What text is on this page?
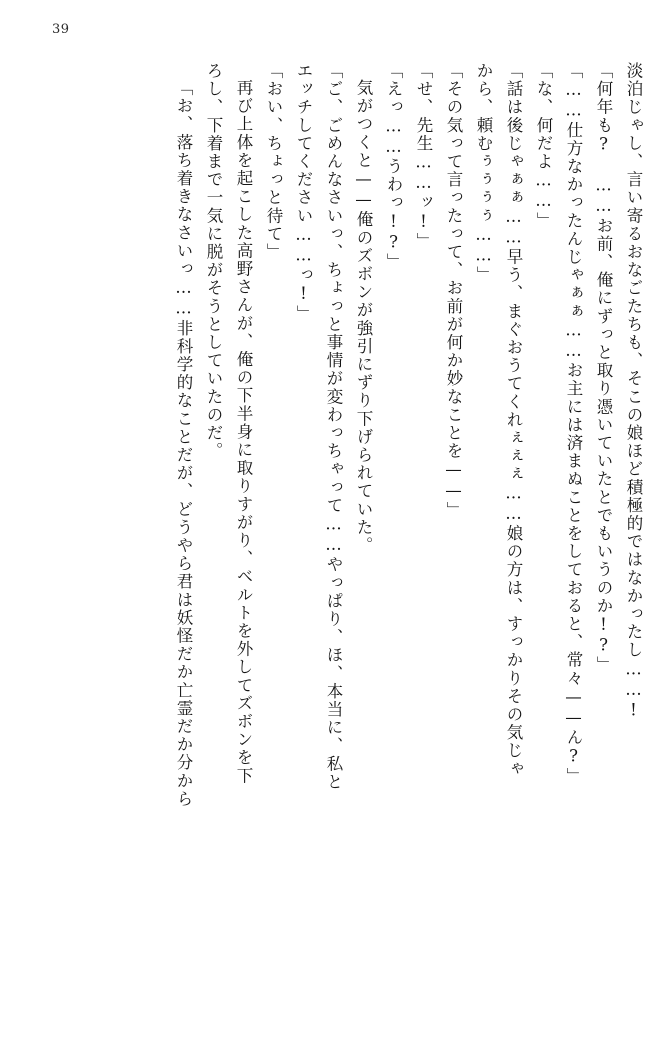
39
淡泊じゃし、言い寄るおなごたちも、そこの娘ほど積極的ではなかったし……!
「何年も? ……お前、俺にずっと取り憑いていたとでもいうのか!?」
「……仕方なかったんじゃぁぁ……お主には済まぬことをしておると、常々——ん?」
「な、何だよ……」
「話は後じゃぁぁ……早う、まぐおうてくれぇぇぇ……娘の方は、すっかりその気じゃ
から、頼むぅぅぅぅ……」
「その気って言ったって、お前が何か妙なことを——」
「せ、先生……ッ!」
「えっ……うわっ!?」
気がつくと——俺のズボンが強引にずり下げられていた。
「ご、ごめんなさいっ、ちょっと事情が変わっちゃって……やっぱり、ほ、本当に、私と
エッチしてください……っ!」
「おい、ちょっと待て」
再び上体を起こした高野さんが、俺の下半身に取りすがり、ベルトを外してズボンを下
ろし、下着まで一気に脱がそうとしていたのだ。
「お、落ち着きなさいっ……非科学的なことだが、どうやら君は妖怪だか亡霊だか分から
